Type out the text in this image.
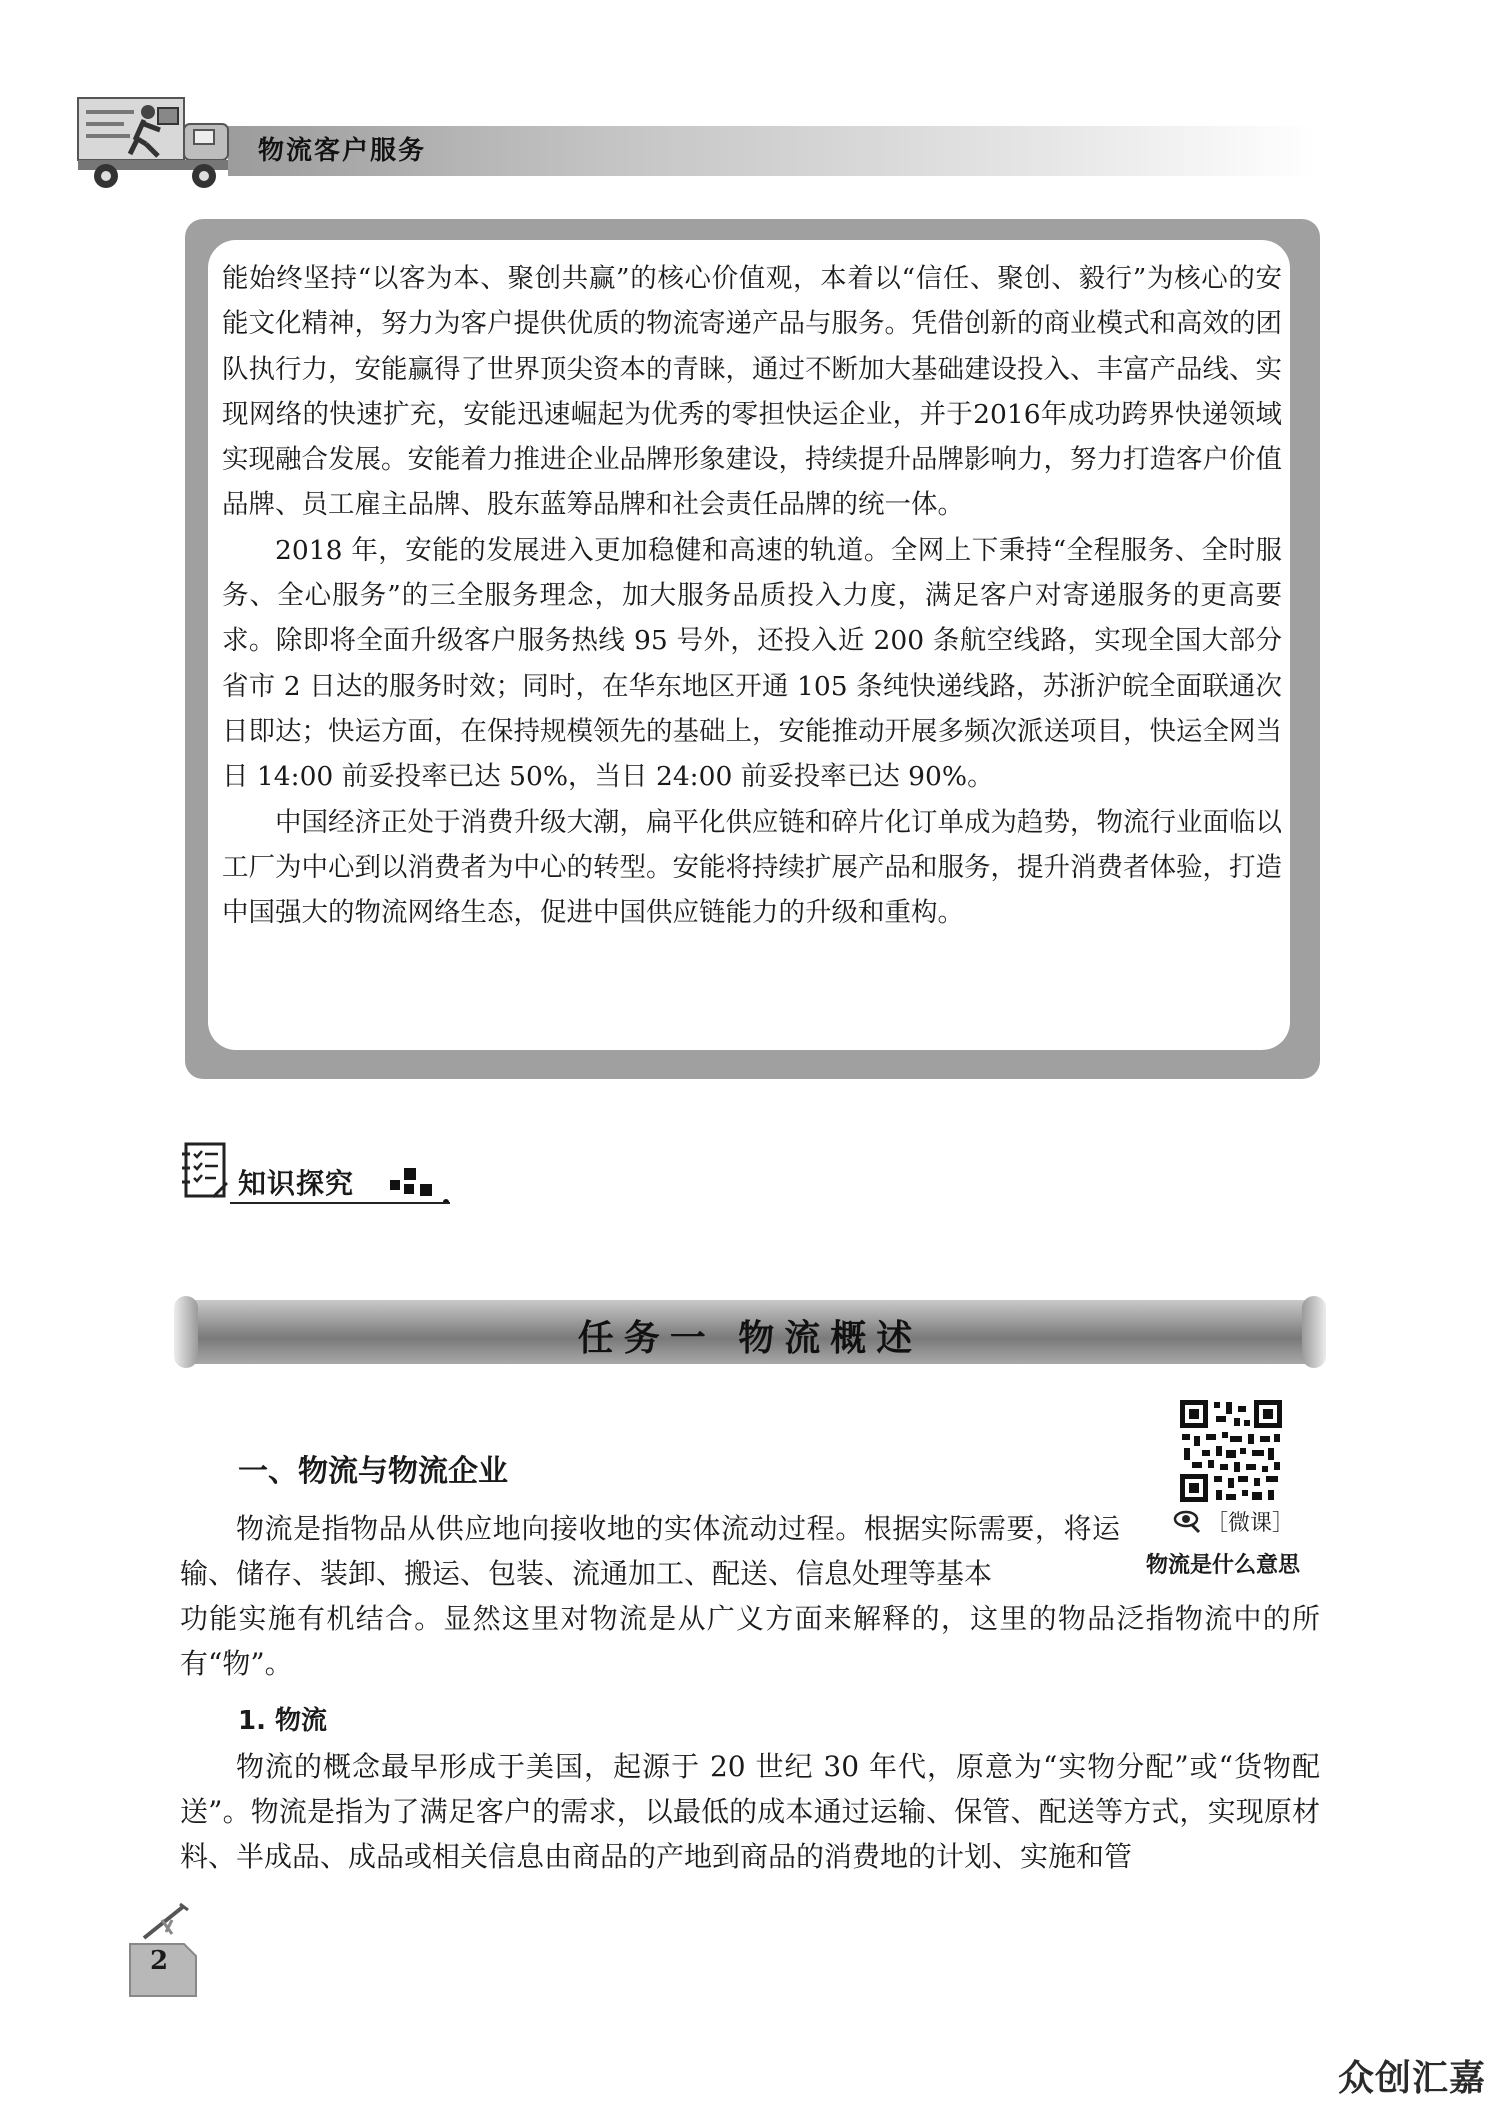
物流客户服务

能始终坚持“以客为本、聚创共赢”的核心价值观，本着以“信任、聚创、毅行”为核心的安能文化精神，努力为客户提供优质的物流寄递产品与服务。凭借创新的商业模式和高效的团队执行力，安能赢得了世界顶尖资本的青睐，通过不断加大基础建设投入、丰富产品线、实现网络的快速扩充，安能迅速崛起为优秀的零担快运企业，并于2016年成功跨界快递领域实现融合发展。安能着力推进企业品牌形象建设，持续提升品牌影响力，努力打造客户价值品牌、员工雇主品牌、股东蓝筹品牌和社会责任品牌的统一体。

2018 年，安能的发展进入更加稳健和高速的轨道。全网上下秉持“全程服务、全时服务、全心服务”的三全服务理念，加大服务品质投入力度，满足客户对寄递服务的更高要求。除即将全面升级客户服务热线 95 号外，还投入近 200 条航空线路，实现全国大部分省市 2 日达的服务时效；同时，在华东地区开通 105 条纯快递线路，苏浙沪皖全面联通次日即达；快运方面，在保持规模领先的基础上，安能推动开展多频次派送项目，快运全网当日 14:00 前妥投率已达 50%，当日 24:00 前妥投率已达 90%。

中国经济正处于消费升级大潮，扁平化供应链和碎片化订单成为趋势，物流行业面临以工厂为中心到以消费者为中心的转型。安能将持续扩展产品和服务，提升消费者体验，打造中国强大的物流网络生态，促进中国供应链能力的升级和重构。

知识探究
任务一 物流概述
一、物流与物流企业
［微课］
物流是什么意思

物流是指物品从供应地向接收地的实体流动过程。根据实际需要，将运输、储存、装卸、搬运、包装、流通加工、配送、信息处理等基本

功能实施有机结合。显然这里对物流是从广义方面来解释的，这里的物品泛指物流中的所有“物”。

1. 物流

物流的概念最早形成于美国，起源于 20 世纪 30 年代，原意为“实物分配”或“货物配送”。物流是指为了满足客户的需求，以最低的成本通过运输、保管、配送等方式，实现原材料、半成品、成品或相关信息由商品的产地到商品的消费地的计划、实施和管

2
众创汇嘉
